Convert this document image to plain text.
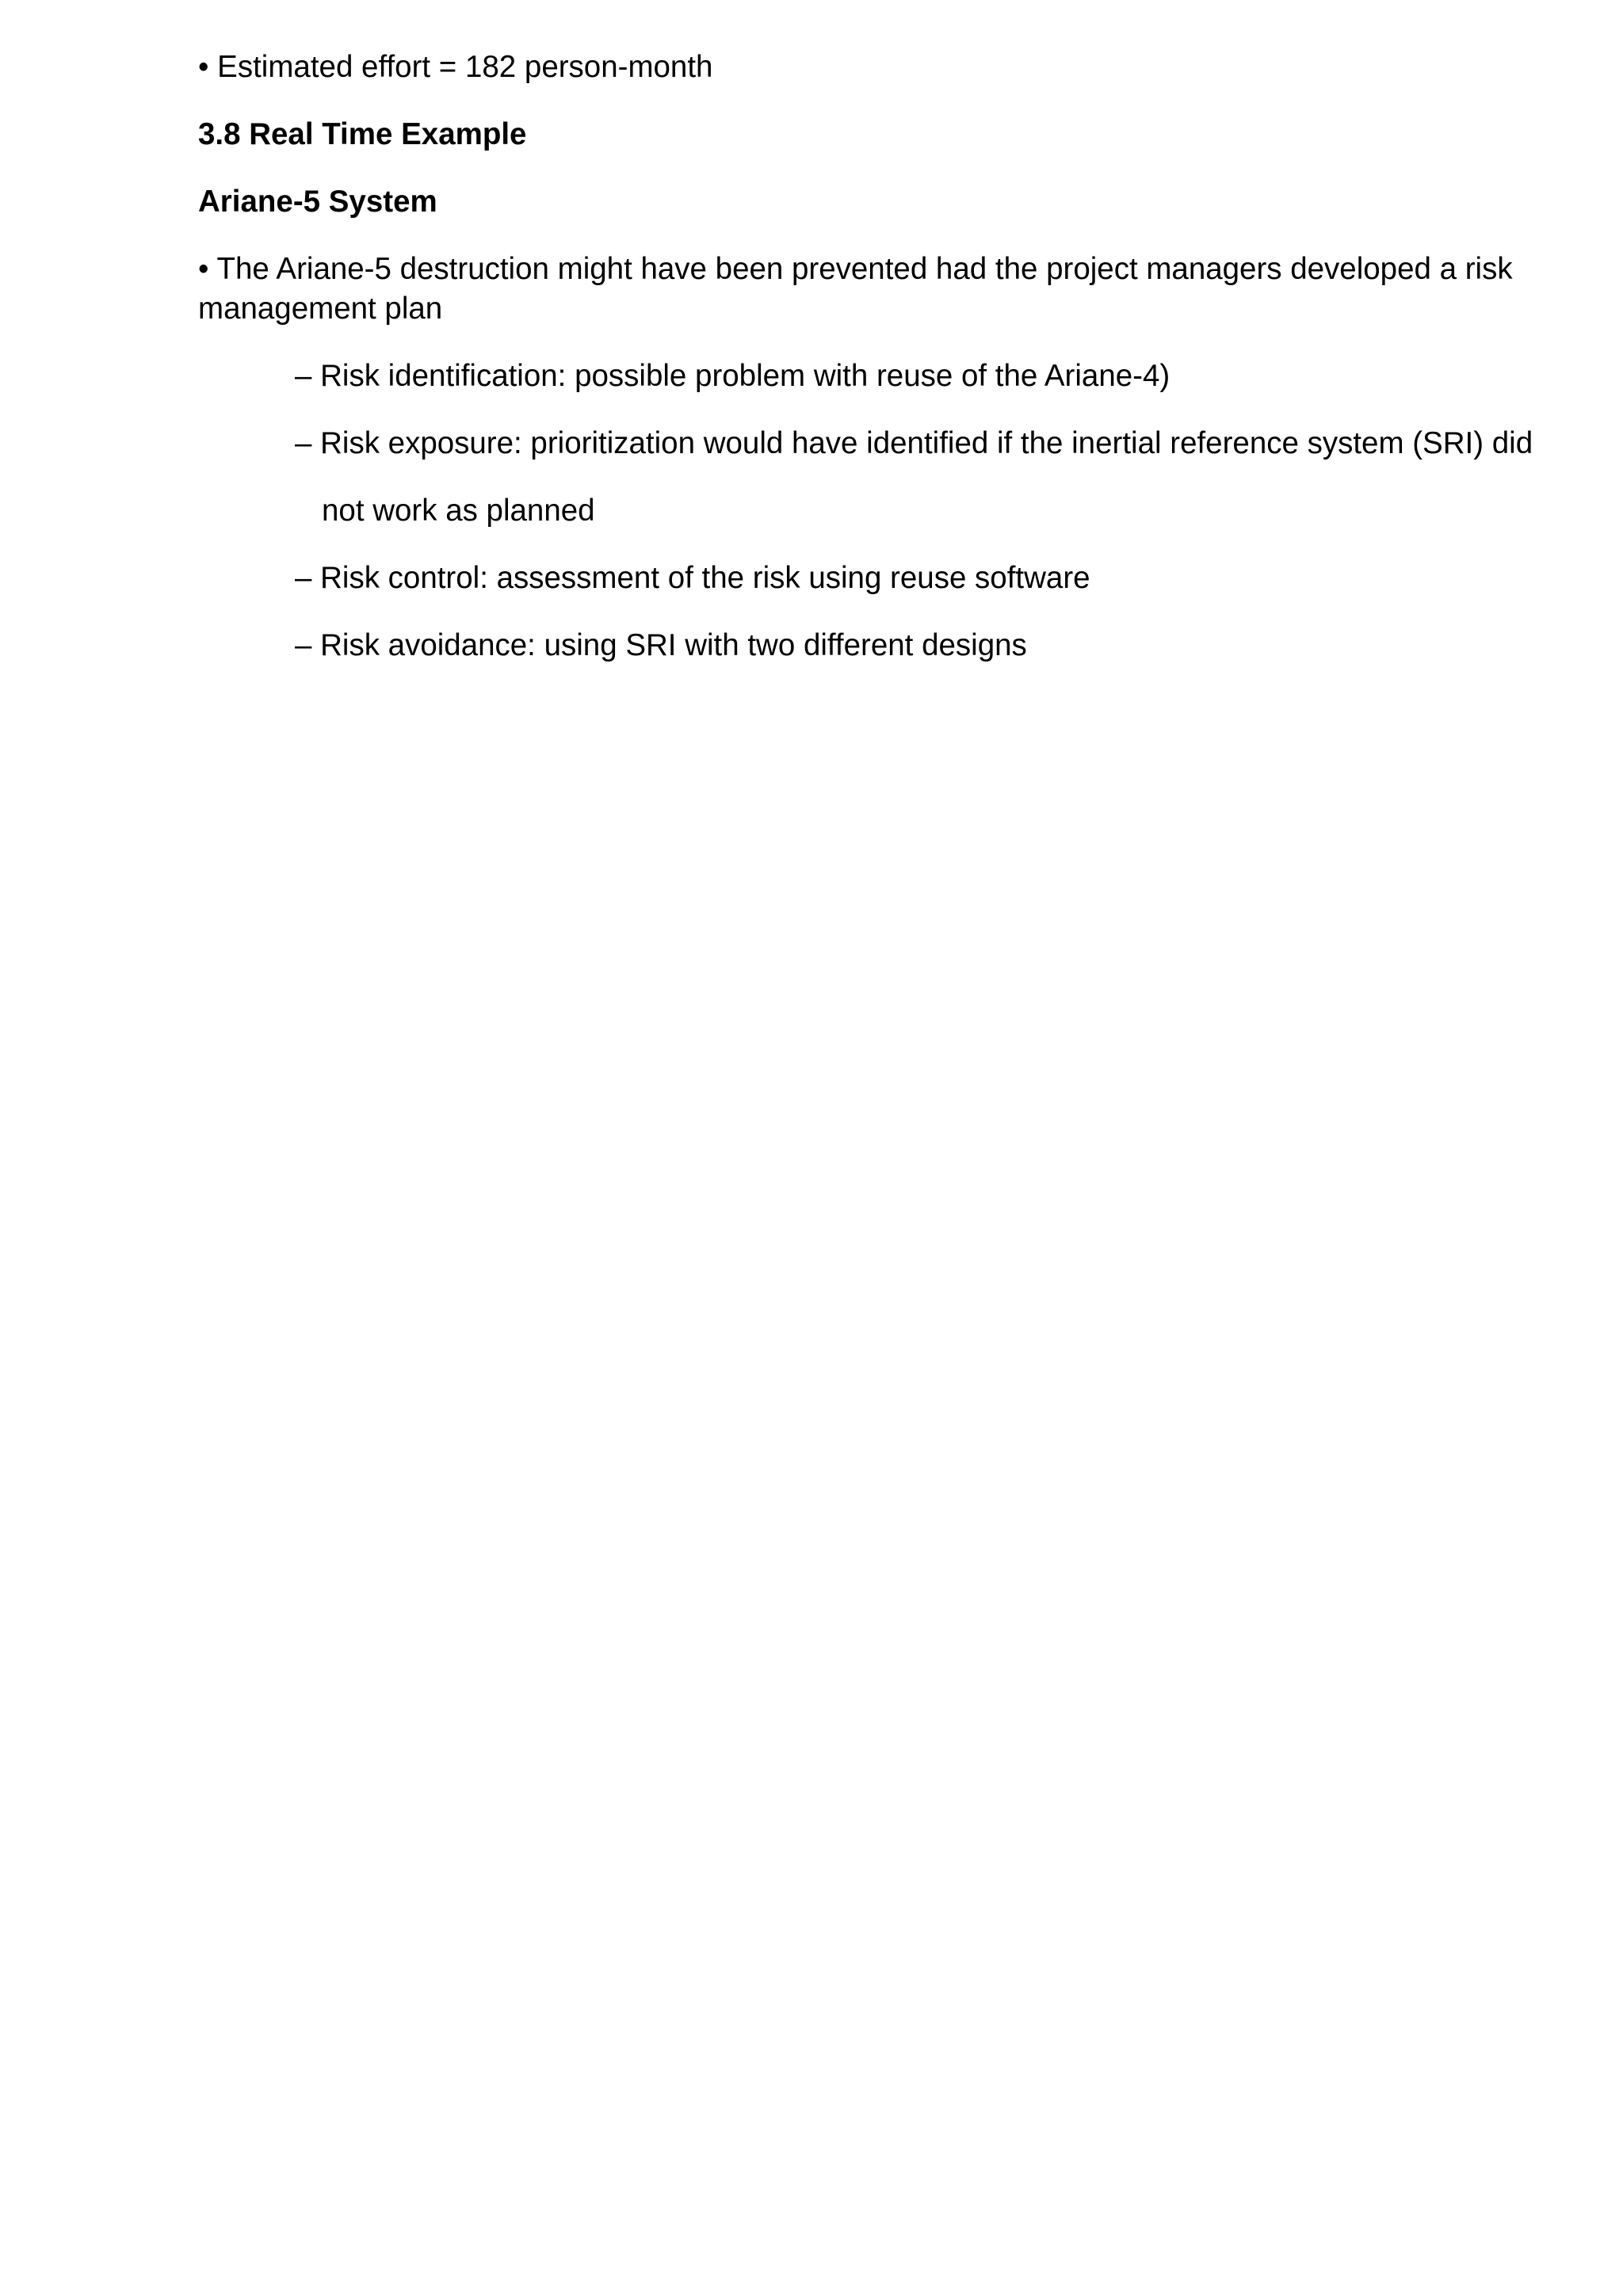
• Estimated effort = 182 person-month

3.8 Real Time Example

Ariane-5 System

• The Ariane-5 destruction might have been prevented had the project managers developed a risk

management plan

– Risk identification: possible problem with reuse of the Ariane-4)

– Risk exposure: prioritization would have identified if the inertial reference system (SRI) did

not work as planned

– Risk control: assessment of the risk using reuse software

– Risk avoidance: using SRI with two different designs
